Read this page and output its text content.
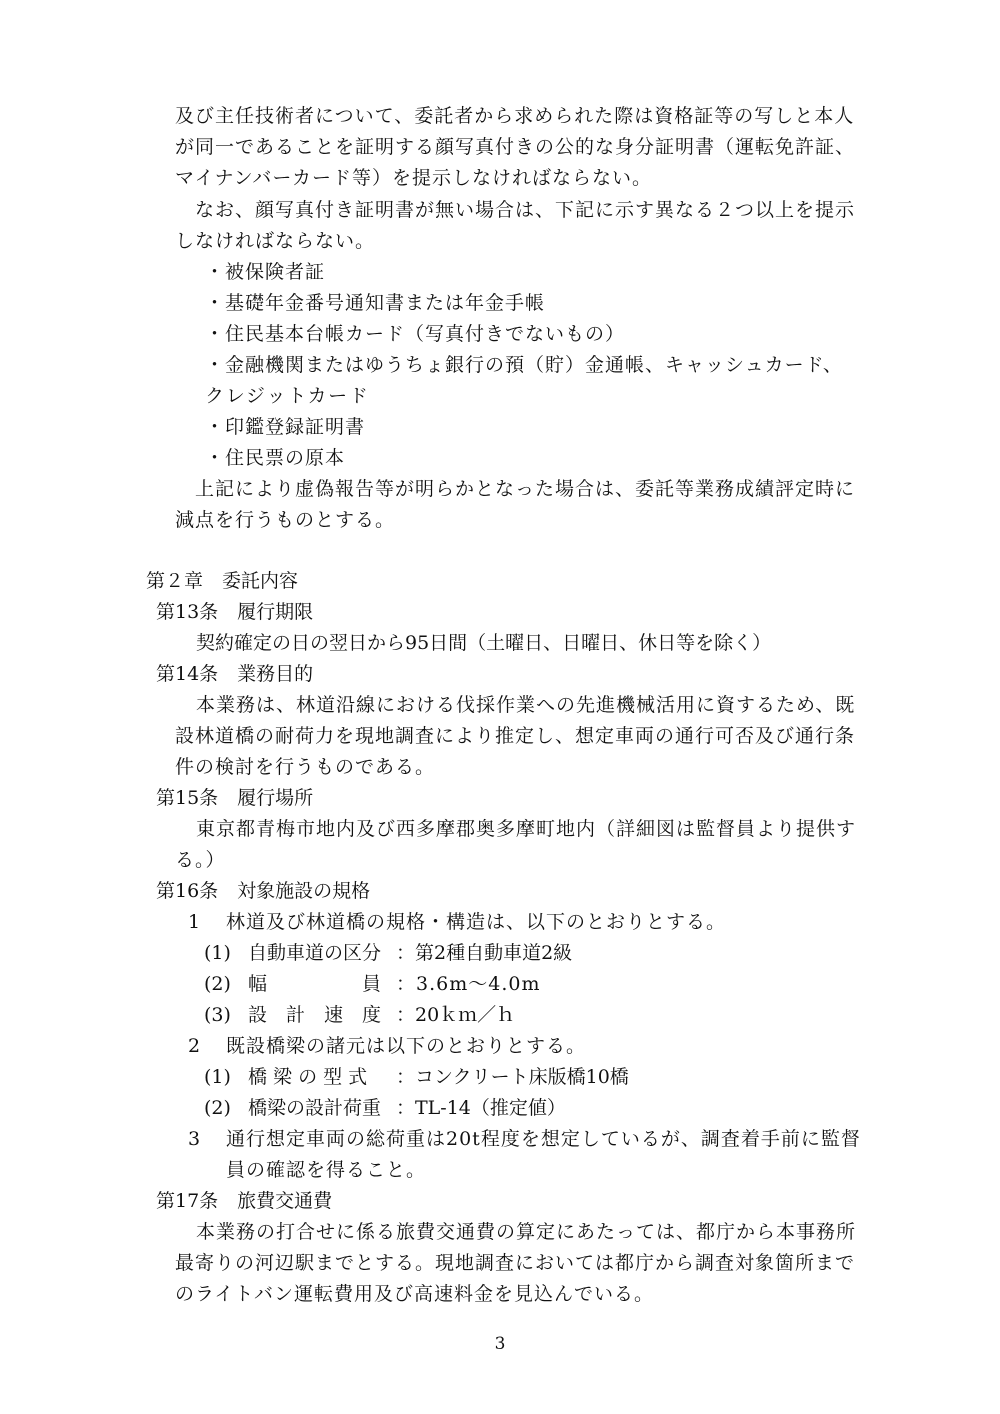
及び主任技術者について、委託者から求められた際は資格証等の写しと本人
が同一であることを証明する顔写真付きの公的な身分証明書（運転免許証、
マイナンバーカード等）を提示しなければならない。
なお、顔写真付き証明書が無い場合は、下記に示す異なる２つ以上を提示
しなければならない。
・被保険者証
・基礎年金番号通知書または年金手帳
・住民基本台帳カード（写真付きでないもの）
・金融機関またはゆうちょ銀行の預（貯）金通帳、キャッシュカード、
クレジットカード
・印鑑登録証明書
・住民票の原本
上記により虚偽報告等が明らかとなった場合は、委託等業務成績評定時に
減点を行うものとする。
第２章　委託内容
第13条　履行期限
契約確定の日の翌日から95日間（土曜日、日曜日、休日等を除く）
第14条　業務目的
本業務は、林道沿線における伐採作業への先進機械活用に資するため、既
設林道橋の耐荷力を現地調査により推定し、想定車両の通行可否及び通行条
件の検討を行うものである。
第15条　履行場所
東京都青梅市地内及び西多摩郡奥多摩町地内（詳細図は監督員より提供す
る。）
第16条　対象施設の規格
1 林道及び林道橋の規格・構造は、以下のとおりとする。
(1) 自動車道の区分 ：第2種自動車道2級
(2) 幅　　　　　員 ：3.6m～4.0m
(3) 設　計　速　度 ：20ｋｍ／ｈ
2 既設橋梁の諸元は以下のとおりとする。
(1) 橋 梁 の 型 式 ：コンクリート床版橋10橋
(2) 橋梁の設計荷重 ：TL-14（推定値）
3 通行想定車両の総荷重は20t程度を想定しているが、調査着手前に監督
員の確認を得ること。
第17条　旅費交通費
本業務の打合せに係る旅費交通費の算定にあたっては、都庁から本事務所
最寄りの河辺駅までとする。現地調査においては都庁から調査対象箇所まで
のライトバン運転費用及び高速料金を見込んでいる。
3
